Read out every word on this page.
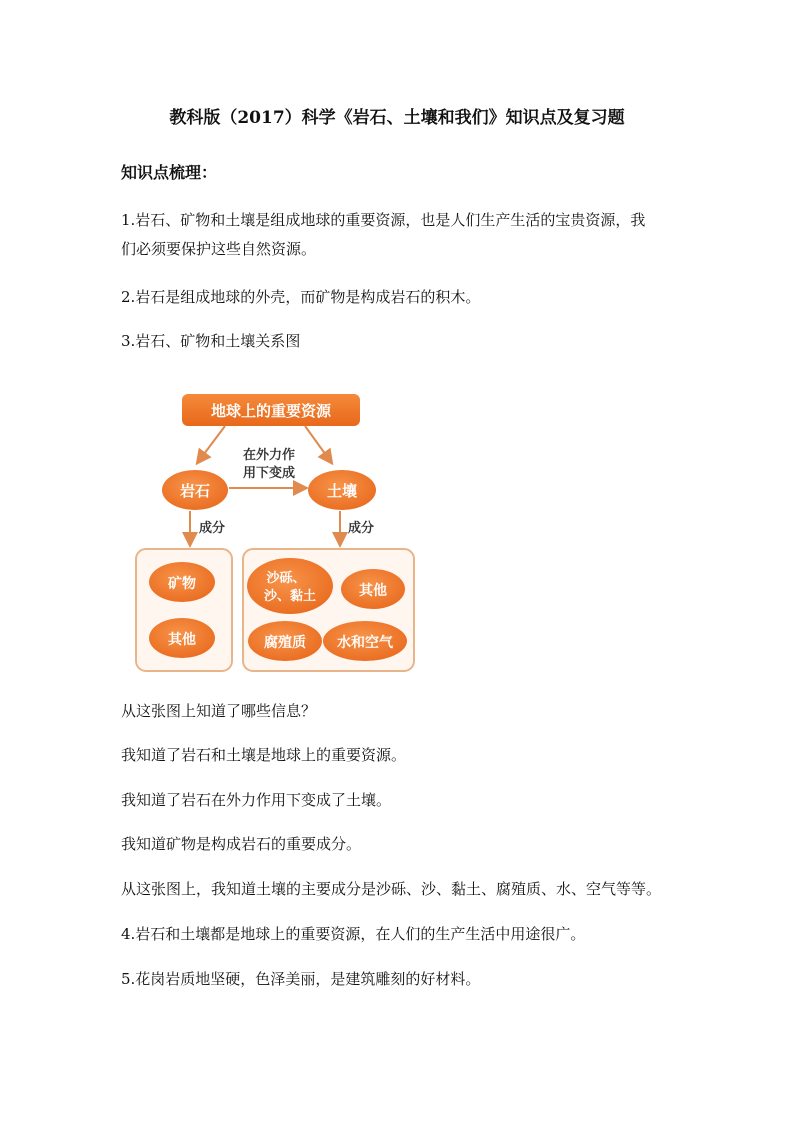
教科版（2017）科学《岩石、土壤和我们》知识点及复习题
知识点梳理：
1.岩石、矿物和土壤是组成地球的重要资源，也是人们生产生活的宝贵资源，我
们必须要保护这些自然资源。
2.岩石是组成地球的外壳，而矿物是构成岩石的积木。
3.岩石、矿物和土壤关系图
地球上的重要资源
在外力作
用下变成
岩石	土壤
成分	成分
矿物
其他
沙砾、
沙、黏土	其他
腐殖质 水和空气
从这张图上知道了哪些信息？
我知道了岩石和土壤是地球上的重要资源。
我知道了岩石在外力作用下变成了土壤。
我知道矿物是构成岩石的重要成分。
从这张图上，我知道土壤的主要成分是沙砾、沙、黏土、腐殖质、水、空气等等。
4.岩石和土壤都是地球上的重要资源，在人们的生产生活中用途很广。
5.花岗岩质地坚硬，色泽美丽，是建筑雕刻的好材料。
